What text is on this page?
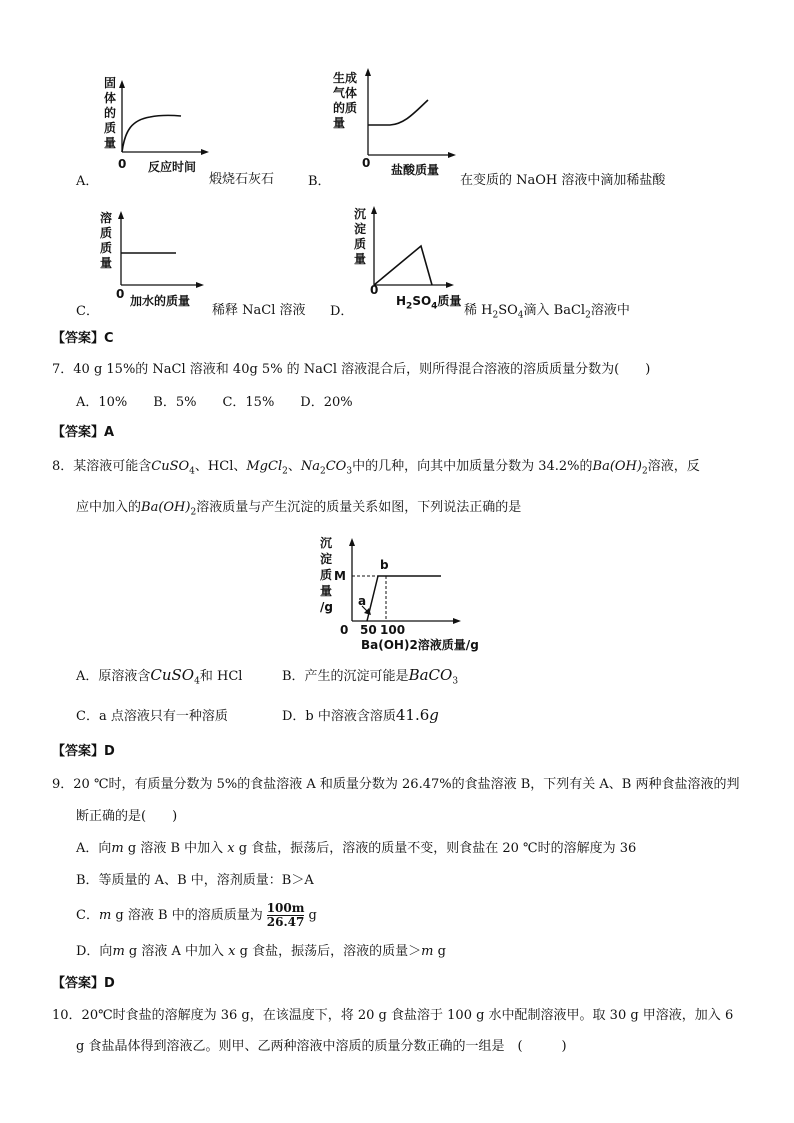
固
体
的
质
量
0 反应时间
A．	煅烧石灰石
生成
气体
的质
量
0 盐酸质量
B．	在变质的 NaOH 溶液中滴加稀盐酸
溶
质
质
量
0 加水的质量
C．	稀释 NaCl 溶液
沉
淀
质
量
0
$H_2SO_4$质量
D．	稀 $H_2SO_4$滴入 BaCl$_2$溶液中
【答案】C
7．40 g 15%的 NaCl 溶液和 40g 5% 的 NaCl 溶液混合后，则所得混合溶液的溶质质量分数为(　　)
A．10%　　B．5%　　C．15%　　D．20%
【答案】A
8．某溶液可能含CuSO$_4$、HCl、MgCl$_2$、$Na_2CO_3$中的几种，向其中加质量分数为 34.2%的$Ba(OH)_2$溶液，反
应中加入的$Ba(OH)_2$溶液质量与产生沉淀的质量关系如图，下列说法正确的是
沉
淀
质
量
/g
M
b
a
0 50 100
Ba(OH)2溶液质量/g
A．原溶液含CuSO$_4$和 HCl	B．产生的沉淀可能是BaCO$_3$
C．a 点溶液只有一种溶质	D．b 中溶液含溶质41.6g
【答案】D
9．20 ℃时，有质量分数为 5%的食盐溶液 A 和质量分数为 26.47%的食盐溶液 B，下列有关 A、B 两种食盐溶液的判
断正确的是(　　)
A．向m g 溶液 B 中加入 x g 食盐，振荡后，溶液的质量不变，则食盐在 20 ℃时的溶解度为 36
B．等质量的 A、B 中，溶剂质量：B＞A
C．m g 溶液 B 中的溶质质量为 $\frac{100m}{26.47}$ g
D．向m g 溶液 A 中加入 x g 食盐，振荡后，溶液的质量＞m g
【答案】D
10．20℃时食盐的溶解度为 36 g，在该温度下，将 20 g 食盐溶于 100 g 水中配制溶液甲。取 30 g 甲溶液，加入 6
g 食盐晶体得到溶液乙。则甲、乙两种溶液中溶质的质量分数正确的一组是　(　　　)
